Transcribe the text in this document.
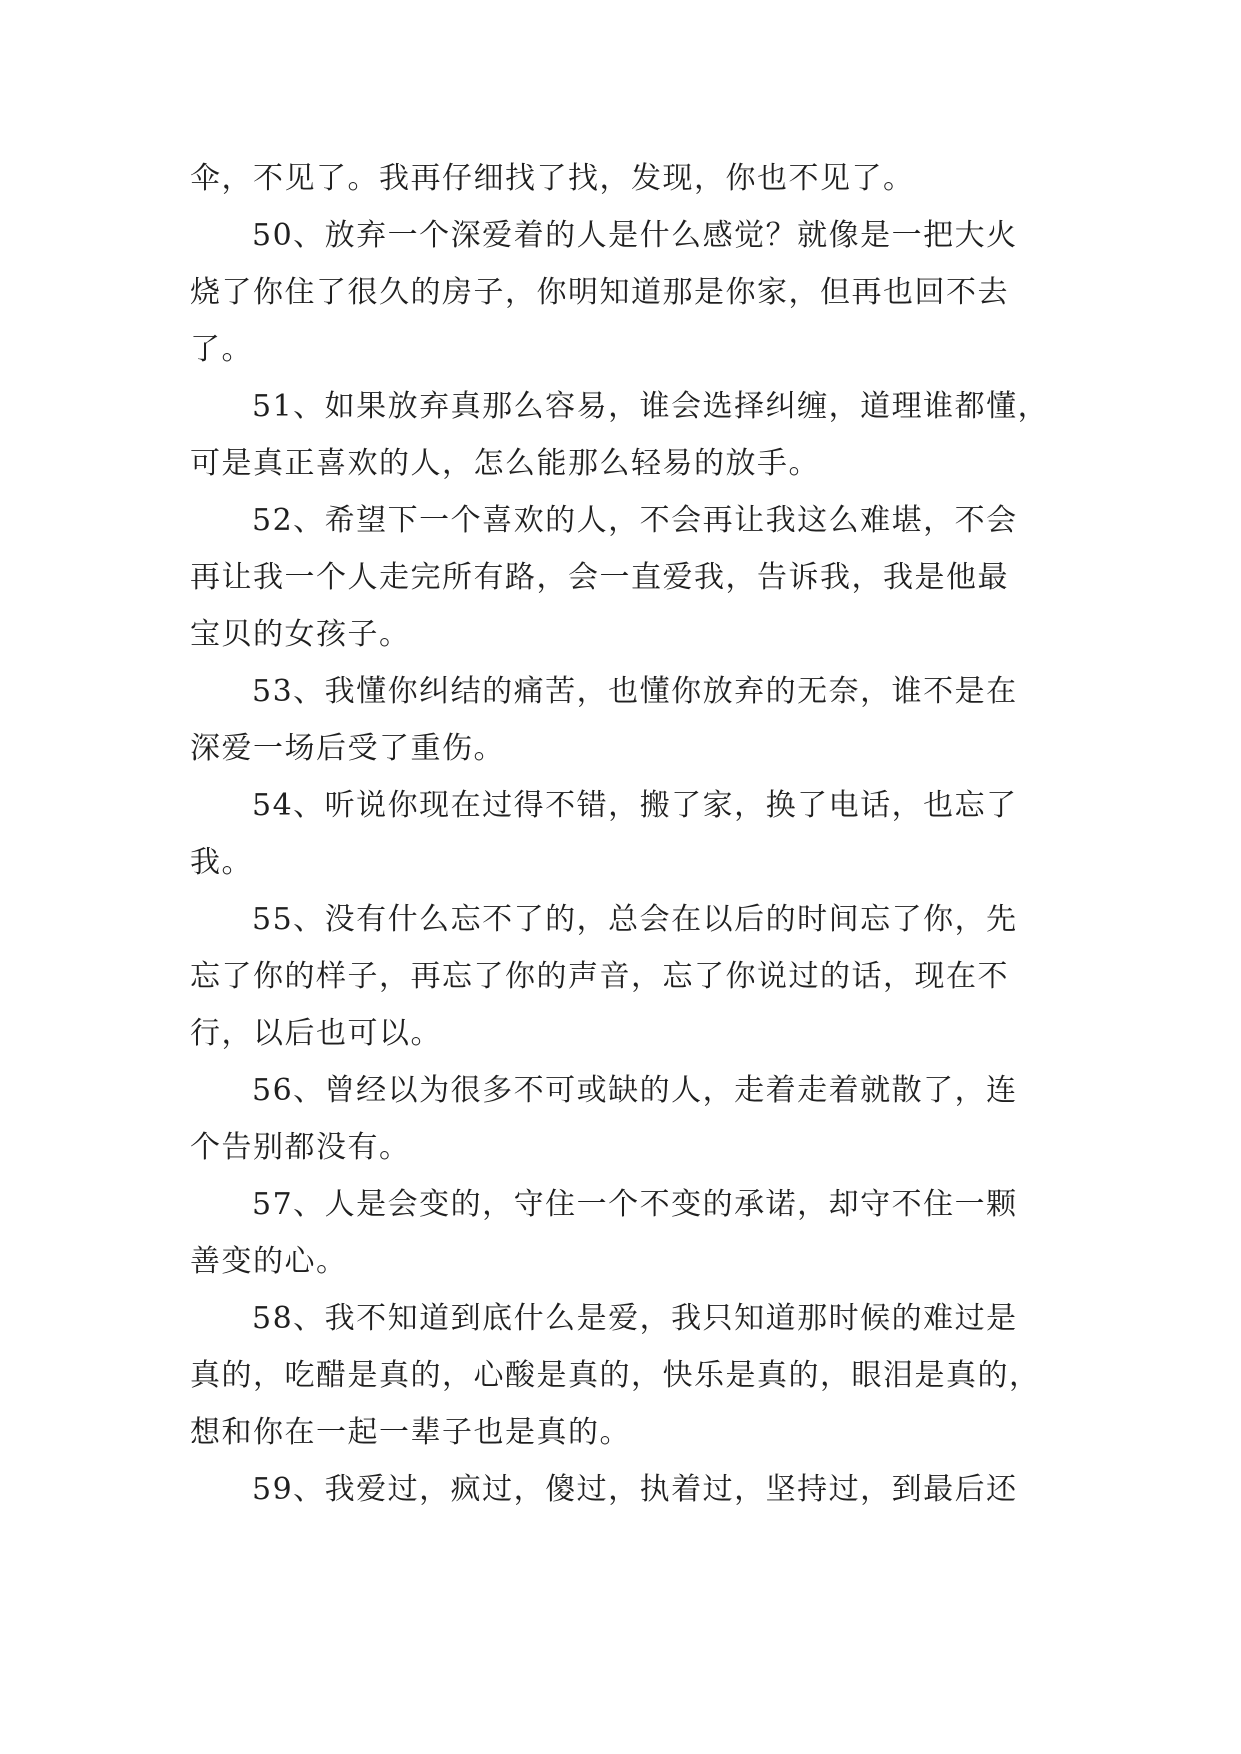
伞，不见了。我再仔细找了找，发现，你也不见了。
50、放弃一个深爱着的人是什么感觉？就像是一把大火
烧了你住了很久的房子，你明知道那是你家，但再也回不去
了。
51、如果放弃真那么容易，谁会选择纠缠，道理谁都懂，
可是真正喜欢的人，怎么能那么轻易的放手。
52、希望下一个喜欢的人，不会再让我这么难堪，不会
再让我一个人走完所有路，会一直爱我，告诉我，我是他最
宝贝的女孩子。
53、我懂你纠结的痛苦，也懂你放弃的无奈，谁不是在
深爱一场后受了重伤。
54、听说你现在过得不错，搬了家，换了电话，也忘了
我。
55、没有什么忘不了的，总会在以后的时间忘了你，先
忘了你的样子，再忘了你的声音，忘了你说过的话，现在不
行，以后也可以。
56、曾经以为很多不可或缺的人，走着走着就散了，连
个告别都没有。
57、人是会变的，守住一个不变的承诺，却守不住一颗
善变的心。
58、我不知道到底什么是爱，我只知道那时候的难过是
真的，吃醋是真的，心酸是真的，快乐是真的，眼泪是真的，
想和你在一起一辈子也是真的。
59、我爱过，疯过，傻过，执着过，坚持过，到最后还
